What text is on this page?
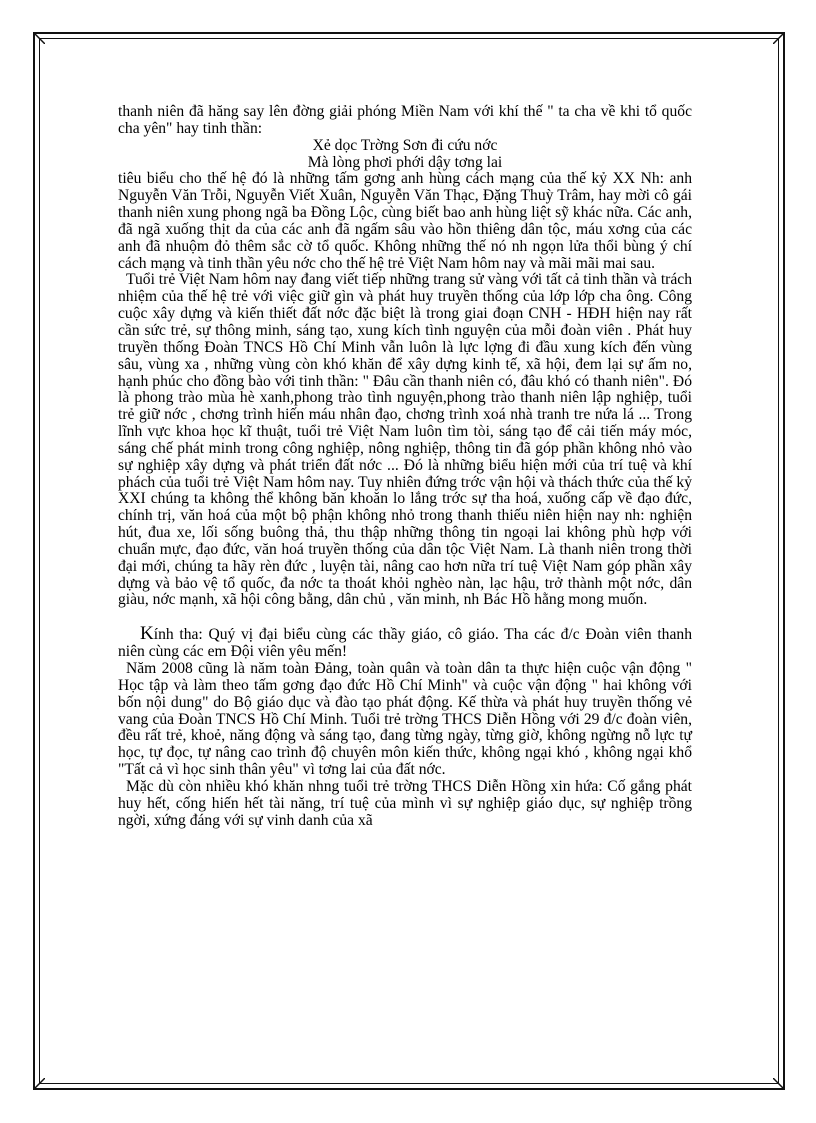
thanh niên đã hăng say lên đờng giải phóng Miền Nam với khí thế " ta cha về khi tổ quốc cha yên" hay tinh thần:

Xẻ dọc Trờng Sơn đi cứu nớc

Mà lòng phơi phới dậy tơng lai

tiêu biểu cho thế hệ đó là những tấm gơng anh hùng cách mạng của thế kỷ XX Nh: anh Nguyễn Văn Trỗi, Nguyễn Viết Xuân, Nguyễn Văn Thạc, Đặng Thuỳ Trâm, hay mời cô gái thanh niên xung phong ngã ba Đồng Lộc, cùng biết bao anh hùng liệt sỹ khác nữa. Các anh, đã ngã xuống thịt da của các anh đã ngấm sâu vào hồn thiêng dân tộc, máu xơng của các anh đã nhuộm đỏ thêm sắc cờ tổ quốc. Không những thế nó nh ngọn lửa thổi bùng ý chí cách mạng và tinh thần yêu nớc cho thế hệ trẻ Việt Nam hôm nay và mãi mãi mai sau.

Tuổi trẻ Việt Nam hôm nay đang viết tiếp những trang sử vàng với tất cả tinh thần và trách nhiệm của thế hệ trẻ với việc giữ gìn và phát huy truyền thống của lớp lớp cha ông. Công cuộc xây dựng và kiến thiết đất nớc đặc biệt là trong giai đoạn CNH - HĐH hiện nay rất cần sức trẻ, sự thông minh, sáng tạo, xung kích tình nguyện của mỗi đoàn viên . Phát huy truyền thống Đoàn TNCS Hồ Chí Minh vẫn luôn là lực lợng đi đầu xung kích đến vùng sâu, vùng xa , những vùng còn khó khăn để xây dựng kinh tế, xã hội, đem lại sự ấm no, hạnh phúc cho đồng bào với tinh thần: " Đâu cần thanh niên có, đâu khó có thanh niên". Đó là phong trào mùa hè xanh,phong trào tình nguyện,phong trào thanh niên lập nghiệp, tuổi trẻ giữ nớc , chơng trình hiến máu nhân đạo, chơng trình xoá nhà tranh tre nứa lá ... Trong lĩnh vực khoa học kĩ thuật, tuổi trẻ Việt Nam luôn tìm tòi, sáng tạo để cải tiến máy móc, sáng chế phát minh trong công nghiệp, nông nghiệp, thông tin đã góp phần không nhỏ vào sự nghiệp xây dựng và phát triển đất nớc ... Đó là những biểu hiện mới của trí tuệ và khí phách của tuổi trẻ Việt Nam hôm nay. Tuy nhiên đứng trớc vận hội và thách thức của thế kỷ XXI chúng ta không thể không băn khoăn lo lắng trớc sự tha hoá, xuống cấp về đạo đức, chính trị, văn hoá của một bộ phận không nhỏ trong thanh thiếu niên hiện nay nh: nghiện hút, đua xe, lối sống buông thả, thu thập những thông tin ngoại lai không phù hợp với chuẩn mực, đạo đức, văn hoá truyền thống của dân tộc Việt Nam. Là thanh niên trong thời đại mới, chúng ta hãy rèn đức , luyện tài, nâng cao hơn nữa trí tuệ Việt Nam góp phần xây dựng và bảo vệ tổ quốc, đa nớc ta thoát khỏi nghèo nàn, lạc hậu, trở thành một nớc, dân giàu, nớc mạnh, xã hội công bằng, dân chủ , văn minh, nh Bác Hồ hằng mong muốn.

Kính tha: Quý vị đại biểu cùng các thầy giáo, cô giáo. Tha các đ/c Đoàn viên thanh niên cùng các em Đội viên yêu mến!

Năm 2008 cũng là năm toàn Đảng, toàn quân và toàn dân ta thực hiện cuộc vận động " Học tập và làm theo tấm gơng đạo đức Hồ Chí Minh" và cuộc vận động " hai không với bốn nội dung" do Bộ giáo dục và đào tạo phát động. Kế thừa và phát huy truyền thống vẻ vang của Đoàn TNCS Hồ Chí Minh. Tuổi trẻ trờng THCS Diễn Hồng với 29 đ/c đoàn viên, đều rất trẻ, khoẻ, năng động và sáng tạo, đang từng ngày, từng giờ, không ngừng nỗ lực tự học, tự đọc, tự nâng cao trình độ chuyên môn kiến thức, không ngại khó , không ngại khổ "Tất cả vì học sinh thân yêu" vì tơng lai của đất nớc.

Mặc dù còn nhiều khó khăn nhng tuổi trẻ trờng THCS Diễn Hồng xin hứa: Cố gắng phát huy hết, cống hiến hết tài năng, trí tuệ của mình vì sự nghiệp giáo dục, sự nghiệp trồng ngời, xứng đáng với sự vinh danh của xã
